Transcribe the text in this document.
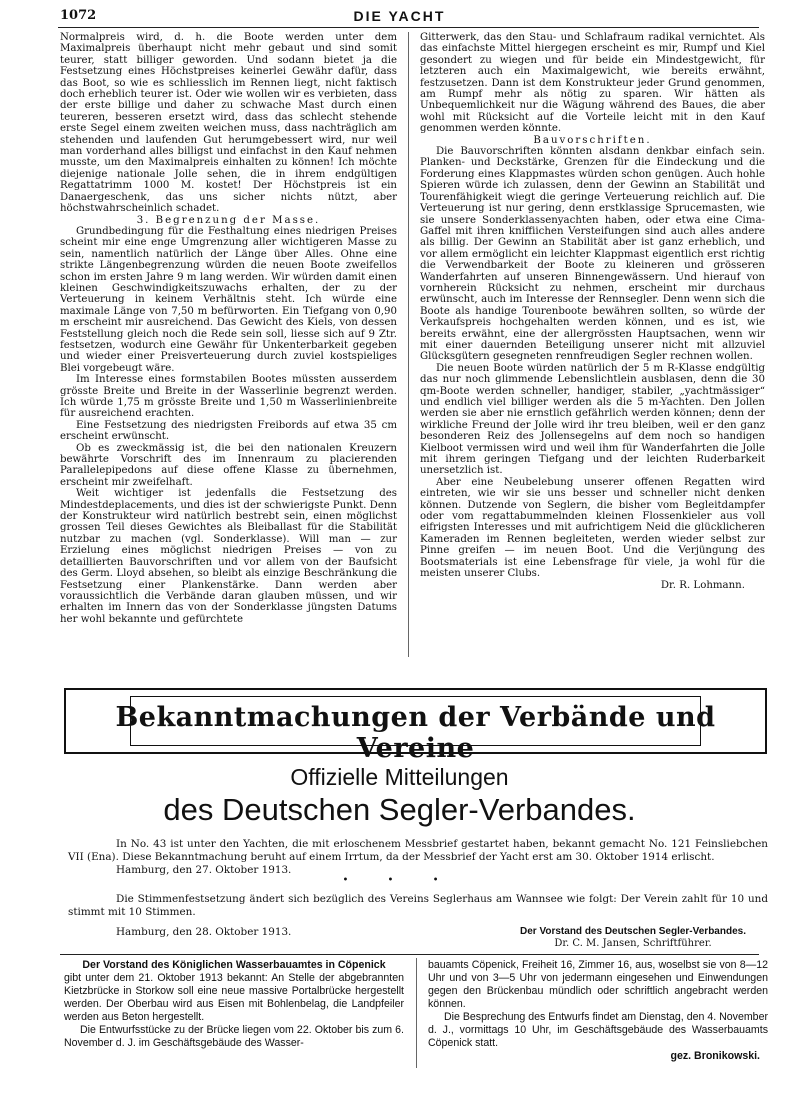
1072	DIE YACHT

Normalpreis wird, d. h. die Boote werden unter dem Maximalpreis überhaupt nicht mehr gebaut und sind somit teurer, statt billiger geworden. Und sodann bietet ja die Festsetzung eines Höchstpreises keinerlei Gewähr dafür, dass das Boot, so wie es schliesslich im Rennen liegt, nicht faktisch doch erheblich teurer ist. Oder wie wollen wir es verbieten, dass der erste billige und daher zu schwache Mast durch einen teureren, besseren ersetzt wird, dass das schlecht stehende erste Segel einem zweiten weichen muss, dass nachträglich am stehenden und laufenden Gut herumgebessert wird, nur weil man vorderhand alles billigst und einfachst in den Kauf nehmen musste, um den Maximalpreis einhalten zu können! Ich möchte diejenige nationale Jolle sehen, die in ihrem endgültigen Regattatrimm 1000 M. kostet! Der Höchstpreis ist ein Danaergeschenk, das uns sicher nichts nützt, aber höchstwahrscheinlich schadet.

3. Begrenzung der Masse.

Grundbedingung für die Festhaltung eines niedrigen Preises scheint mir eine enge Umgrenzung aller wichtigeren Masse zu sein, namentlich natürlich der Länge über Alles. Ohne eine strikte Längenbegrenzung würden die neuen Boote zweifellos schon im ersten Jahre 9 m lang werden. Wir würden damit einen kleinen Geschwindigkeitszuwachs erhalten, der zu der Verteuerung in keinem Verhältnis steht. Ich würde eine maximale Länge von 7,50 m befürworten. Ein Tiefgang von 0,90 m erscheint mir ausreichend. Das Gewicht des Kiels, von dessen Feststellung gleich noch die Rede sein soll, liesse sich auf 9 Ztr. festsetzen, wodurch eine Gewähr für Unkenterbarkeit gegeben und wieder einer Preisverteuerung durch zuviel kostspieliges Blei vorgebeugt wäre.

Im Interesse eines formstabilen Bootes müssten ausserdem grösste Breite und Breite in der Wasserlinie begrenzt werden. Ich würde 1,75 m grösste Breite und 1,50 m Wasserlinienbreite für ausreichend erachten.

Eine Festsetzung des niedrigsten Freibords auf etwa 35 cm erscheint erwünscht.

Ob es zweckmässig ist, die bei den nationalen Kreuzern bewährte Vorschrift des im Innenraum zu placierenden Parallelepipedons auf diese offene Klasse zu übernehmen, erscheint mir zweifelhaft.

Weit wichtiger ist jedenfalls die Festsetzung des Mindestdeplacements, und dies ist der schwierigste Punkt. Denn der Konstrukteur wird natürlich bestrebt sein, einen möglichst grossen Teil dieses Gewichtes als Bleiballast für die Stabilität nutzbar zu machen (vgl. Sonderklasse). Will man — zur Erzielung eines möglichst niedrigen Preises — von zu detaillierten Bauvorschriften und vor allem von der Baufsicht des Germ. Lloyd absehen, so bleibt als einzige Beschränkung die Festsetzung einer Plankenstärke. Dann werden aber voraussichtlich die Verbände daran glauben müssen, und wir erhalten im Innern das von der Sonderklasse jüngsten Datums her wohl bekannte und gefürchtete

Gitterwerk, das den Stau- und Schlafraum radikal vernichtet. Als das einfachste Mittel hiergegen erscheint es mir, Rumpf und Kiel gesondert zu wiegen und für beide ein Mindestgewicht, für letzteren auch ein Maximalgewicht, wie bereits erwähnt, festzusetzen. Dann ist dem Konstrukteur jeder Grund genommen, am Rumpf mehr als nötig zu sparen. Wir hätten als Unbequemlichkeit nur die Wägung während des Baues, die aber wohl mit Rücksicht auf die Vorteile leicht mit in den Kauf genommen werden könnte.

Bauvorschriften.

Die Bauvorschriften könnten alsdann denkbar einfach sein. Planken- und Deckstärke, Grenzen für die Eindeckung und die Forderung eines Klappmastes würden schon genügen. Auch hohle Spieren würde ich zulassen, denn der Gewinn an Stabilität und Tourenfähigkeit wiegt die geringe Verteuerung reichlich auf. Die Verteuerung ist nur gering, denn erstklassige Sprucemasten, wie sie unsere Sonderklassenyachten haben, oder etwa eine Cima-Gaffel mit ihren kniffiichen Versteifungen sind auch alles andere als billig. Der Gewinn an Stabilität aber ist ganz erheblich, und vor allem ermöglicht ein leichter Klappmast eigentlich erst richtig die Verwendbarkeit der Boote zu kleineren und grösseren Wanderfahrten auf unseren Binnengewässern. Und hierauf von vornherein Rücksicht zu nehmen, erscheint mir durchaus erwünscht, auch im Interesse der Rennsegler. Denn wenn sich die Boote als handige Tourenboote bewähren sollten, so würde der Verkaufspreis hochgehalten werden können, und es ist, wie bereits erwähnt, eine der allergrössten Hauptsachen, wenn wir mit einer dauernden Beteiligung unserer nicht mit allzuviel Glücksgütern gesegneten rennfreudigen Segler rechnen wollen.

Die neuen Boote würden natürlich der 5 m R-Klasse endgültig das nur noch glimmende Lebenslichtlein ausblasen, denn die 30 qm-Boote werden schneller, handiger, stabiler, „yachtmässiger“ und endlich viel billiger werden als die 5 m-Yachten. Den Jollen werden sie aber nie ernstlich gefährlich werden können; denn der wirkliche Freund der Jolle wird ihr treu bleiben, weil er den ganz besonderen Reiz des Jollensegelns auf dem noch so handigen Kielboot vermissen wird und weil ihm für Wanderfahrten die Jolle mit ihrem geringen Tiefgang und der leichten Ruderbarkeit unersetzlich ist.

Aber eine Neubelebung unserer offenen Regatten wird eintreten, wie wir sie uns besser und schneller nicht denken können. Dutzende von Seglern, die bisher vom Begleitdampfer oder vom regattabummelnden kleinen Flossenkieler aus voll eifrigsten Interesses und mit aufrichtigem Neid die glücklicheren Kameraden im Rennen begleiteten, werden wieder selbst zur Pinne greifen — im neuen Boot. Und die Verjüngung des Bootsmaterials ist eine Lebensfrage für viele, ja wohl für die meisten unserer Clubs.

Dr. R. Lohmann.

Bekanntmachungen der Verbände und Vereine
Offizielle Mitteilungen
des Deutschen Segler-Verbandes.

In No. 43 ist unter den Yachten, die mit erloschenem Messbrief gestartet haben, bekannt gemacht No. 121 Feinsliebchen VII (Ena). Diese Bekanntmachung beruht auf einem Irrtum, da der Messbrief der Yacht erst am 30. Oktober 1914 erlischt.

Hamburg, den 27. Oktober 1913.

• • •

Die Stimmenfestsetzung ändert sich bezüglich des Vereins Seglerhaus am Wannsee wie folgt: Der Verein zahlt für 10 und stimmt mit 10 Stimmen.

Hamburg, den 28. Oktober 1913.	Der Vorstand des Deutschen Segler-Verbandes.
Dr. C. M. Jansen, Schriftführer.

Der Vorstand des Königlichen Wasserbauamtes in Cöpenick

gibt unter dem 21. Oktober 1913 bekannt: An Stelle der abgebrannten Kietzbrücke in Storkow soll eine neue massive Portalbrücke hergestellt werden. Der Oberbau wird aus Eisen mit Bohlenbelag, die Landpfeiler werden aus Beton hergestellt.

Die Entwurfsstücke zu der Brücke liegen vom 22. Oktober bis zum 6. November d. J. im Geschäftsgebäude des Wasser-

bauamts Cöpenick, Freiheit 16, Zimmer 16, aus, woselbst sie von 8—12 Uhr und von 3—5 Uhr von jedermann eingesehen und Einwendungen gegen den Brückenbau mündlich oder schriftlich angebracht werden können.

Die Besprechung des Entwurfs findet am Dienstag, den 4. November d. J., vormittags 10 Uhr, im Geschäftsgebäude des Wasserbauamts Cöpenick statt.

gez. Bronikowski.
